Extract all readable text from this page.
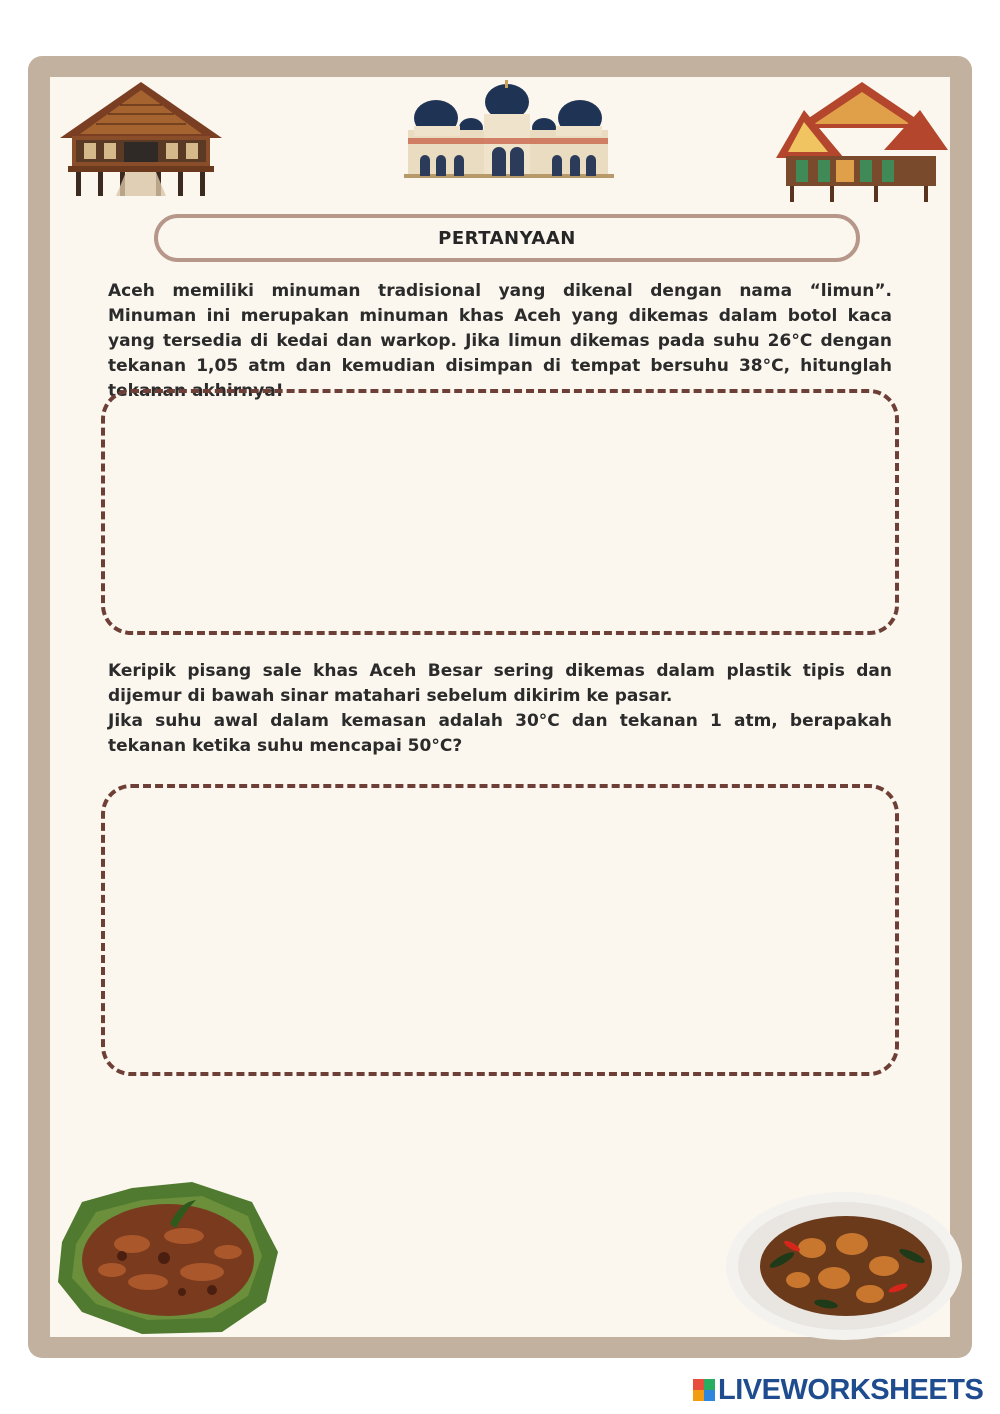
PERTANYAAN

Aceh memiliki minuman tradisional yang dikenal dengan nama “limun”. Minuman ini merupakan minuman khas Aceh yang dikemas dalam botol kaca yang tersedia di kedai dan warkop. Jika limun dikemas pada suhu 26°C dengan tekanan 1,05 atm dan kemudian disimpan di tempat bersuhu 38°C, hitunglah tekanan akhirnya!

Keripik pisang sale khas Aceh Besar sering dikemas dalam plastik tipis dan dijemur di bawah sinar matahari sebelum dikirim ke pasar.

Jika suhu awal dalam kemasan adalah 30°C dan tekanan 1 atm, berapakah tekanan ketika suhu mencapai 50°C?

LIVEWORKSHEETS
